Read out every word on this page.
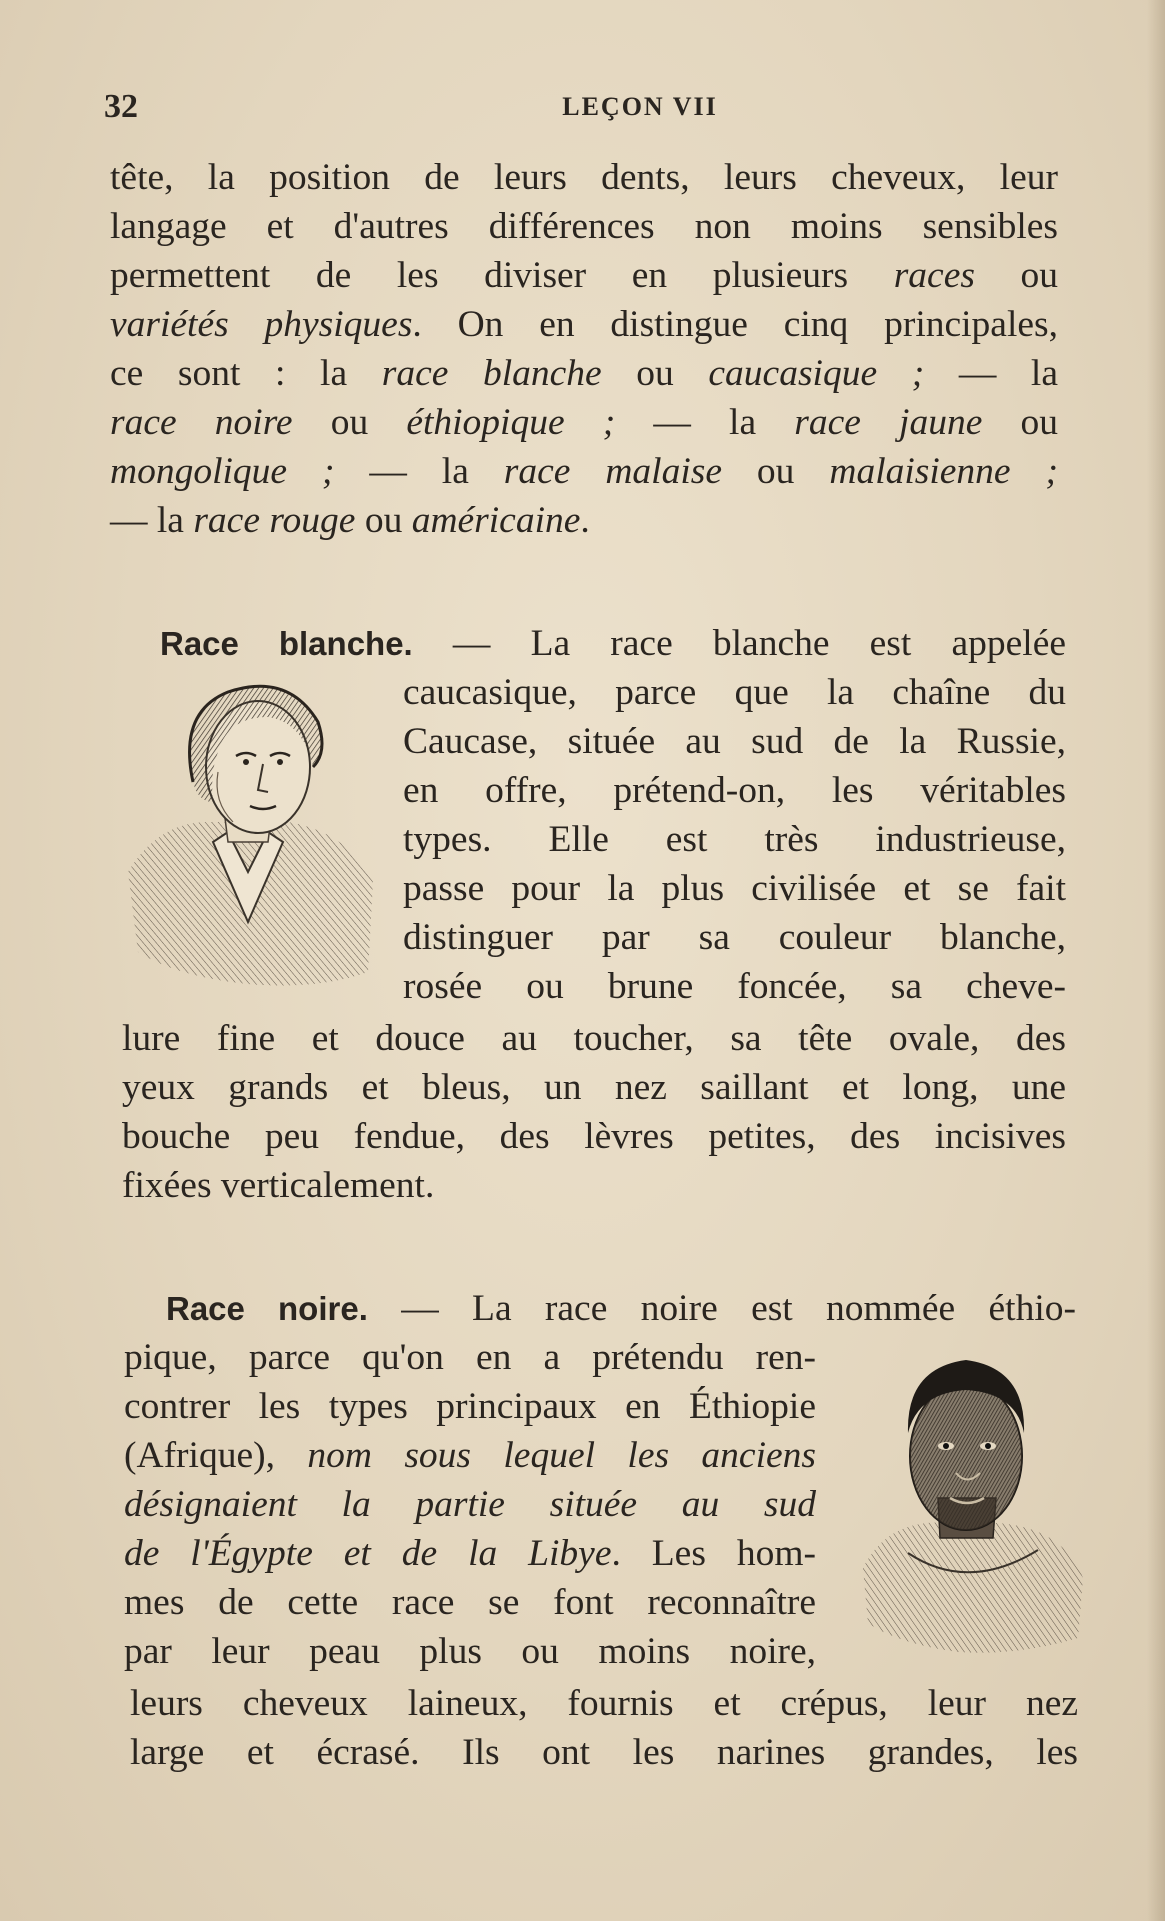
32	LEÇON VII
tête, la position de leurs dents, leurs cheveux, leur
langage et d'autres différences non moins sensibles
permettent de les diviser en plusieurs races ou
variétés physiques. On en distingue cinq principales,
ce sont : la race blanche ou caucasique ; — la
race noire ou éthiopique ; — la race jaune ou
mongolique ; — la race malaise ou malaisienne ;
— la race rouge ou américaine.
Race blanche. — La race blanche est appelée
caucasique, parce que la chaîne du
Caucase, située au sud de la Russie,
en offre, prétend-on, les véritables
types. Elle est très industrieuse,
passe pour la plus civilisée et se fait
distinguer par sa couleur blanche,
rosée ou brune foncée, sa cheve-
lure fine et douce au toucher, sa tête ovale, des
yeux grands et bleus, un nez saillant et long, une
bouche peu fendue, des lèvres petites, des incisives
fixées verticalement.
Race noire. — La race noire est nommée éthio-
pique, parce qu'on en a prétendu ren-
contrer les types principaux en Éthiopie
(Afrique), nom sous lequel les anciens
désignaient la partie située au sud
de l'Égypte et de la Libye. Les hom-
mes de cette race se font reconnaître
par leur peau plus ou moins noire,
leurs cheveux laineux, fournis et crépus, leur nez
large et écrasé. Ils ont les narines grandes, les
